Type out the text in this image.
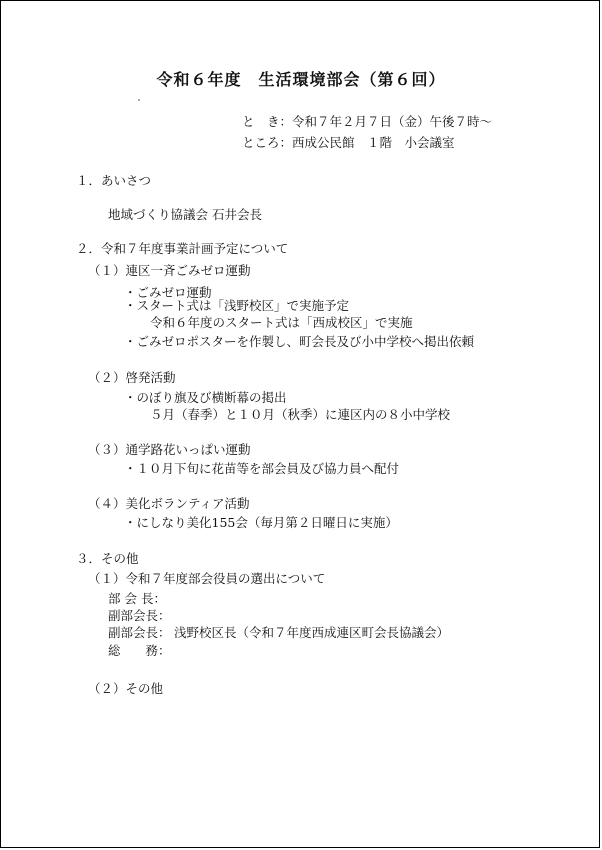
令和６年度　生活環境部会（第６回）
と　き：令和７年２月７日（金）午後７時～
ところ：西成公民館　１階　小会議室
１．あいさつ
地域づくり協議会 石井会長
２．令和７年度事業計画予定について
（１）連区一斉ごみゼロ運動
・ごみゼロ運動
・スタート式は「浅野校区」で実施予定
令和６年度のスタート式は「西成校区」で実施
・ごみゼロポスターを作製し、町会長及び小中学校へ掲出依頼
（２）啓発活動
・のぼり旗及び横断幕の掲出
５月（春季）と１０月（秋季）に連区内の８小中学校
（３）通学路花いっぱい運動
・１０月下旬に花苗等を部会員及び協力員へ配付
（４）美化ボランティア活動
・にしなり美化155会（毎月第２日曜日に実施）
３．その他
（１）令和７年度部会役員の選出について
部 会 長：
副部会長：
副部会長： 浅野校区長（令和７年度西成連区町会長協議会）
総　　務：
（２）その他
